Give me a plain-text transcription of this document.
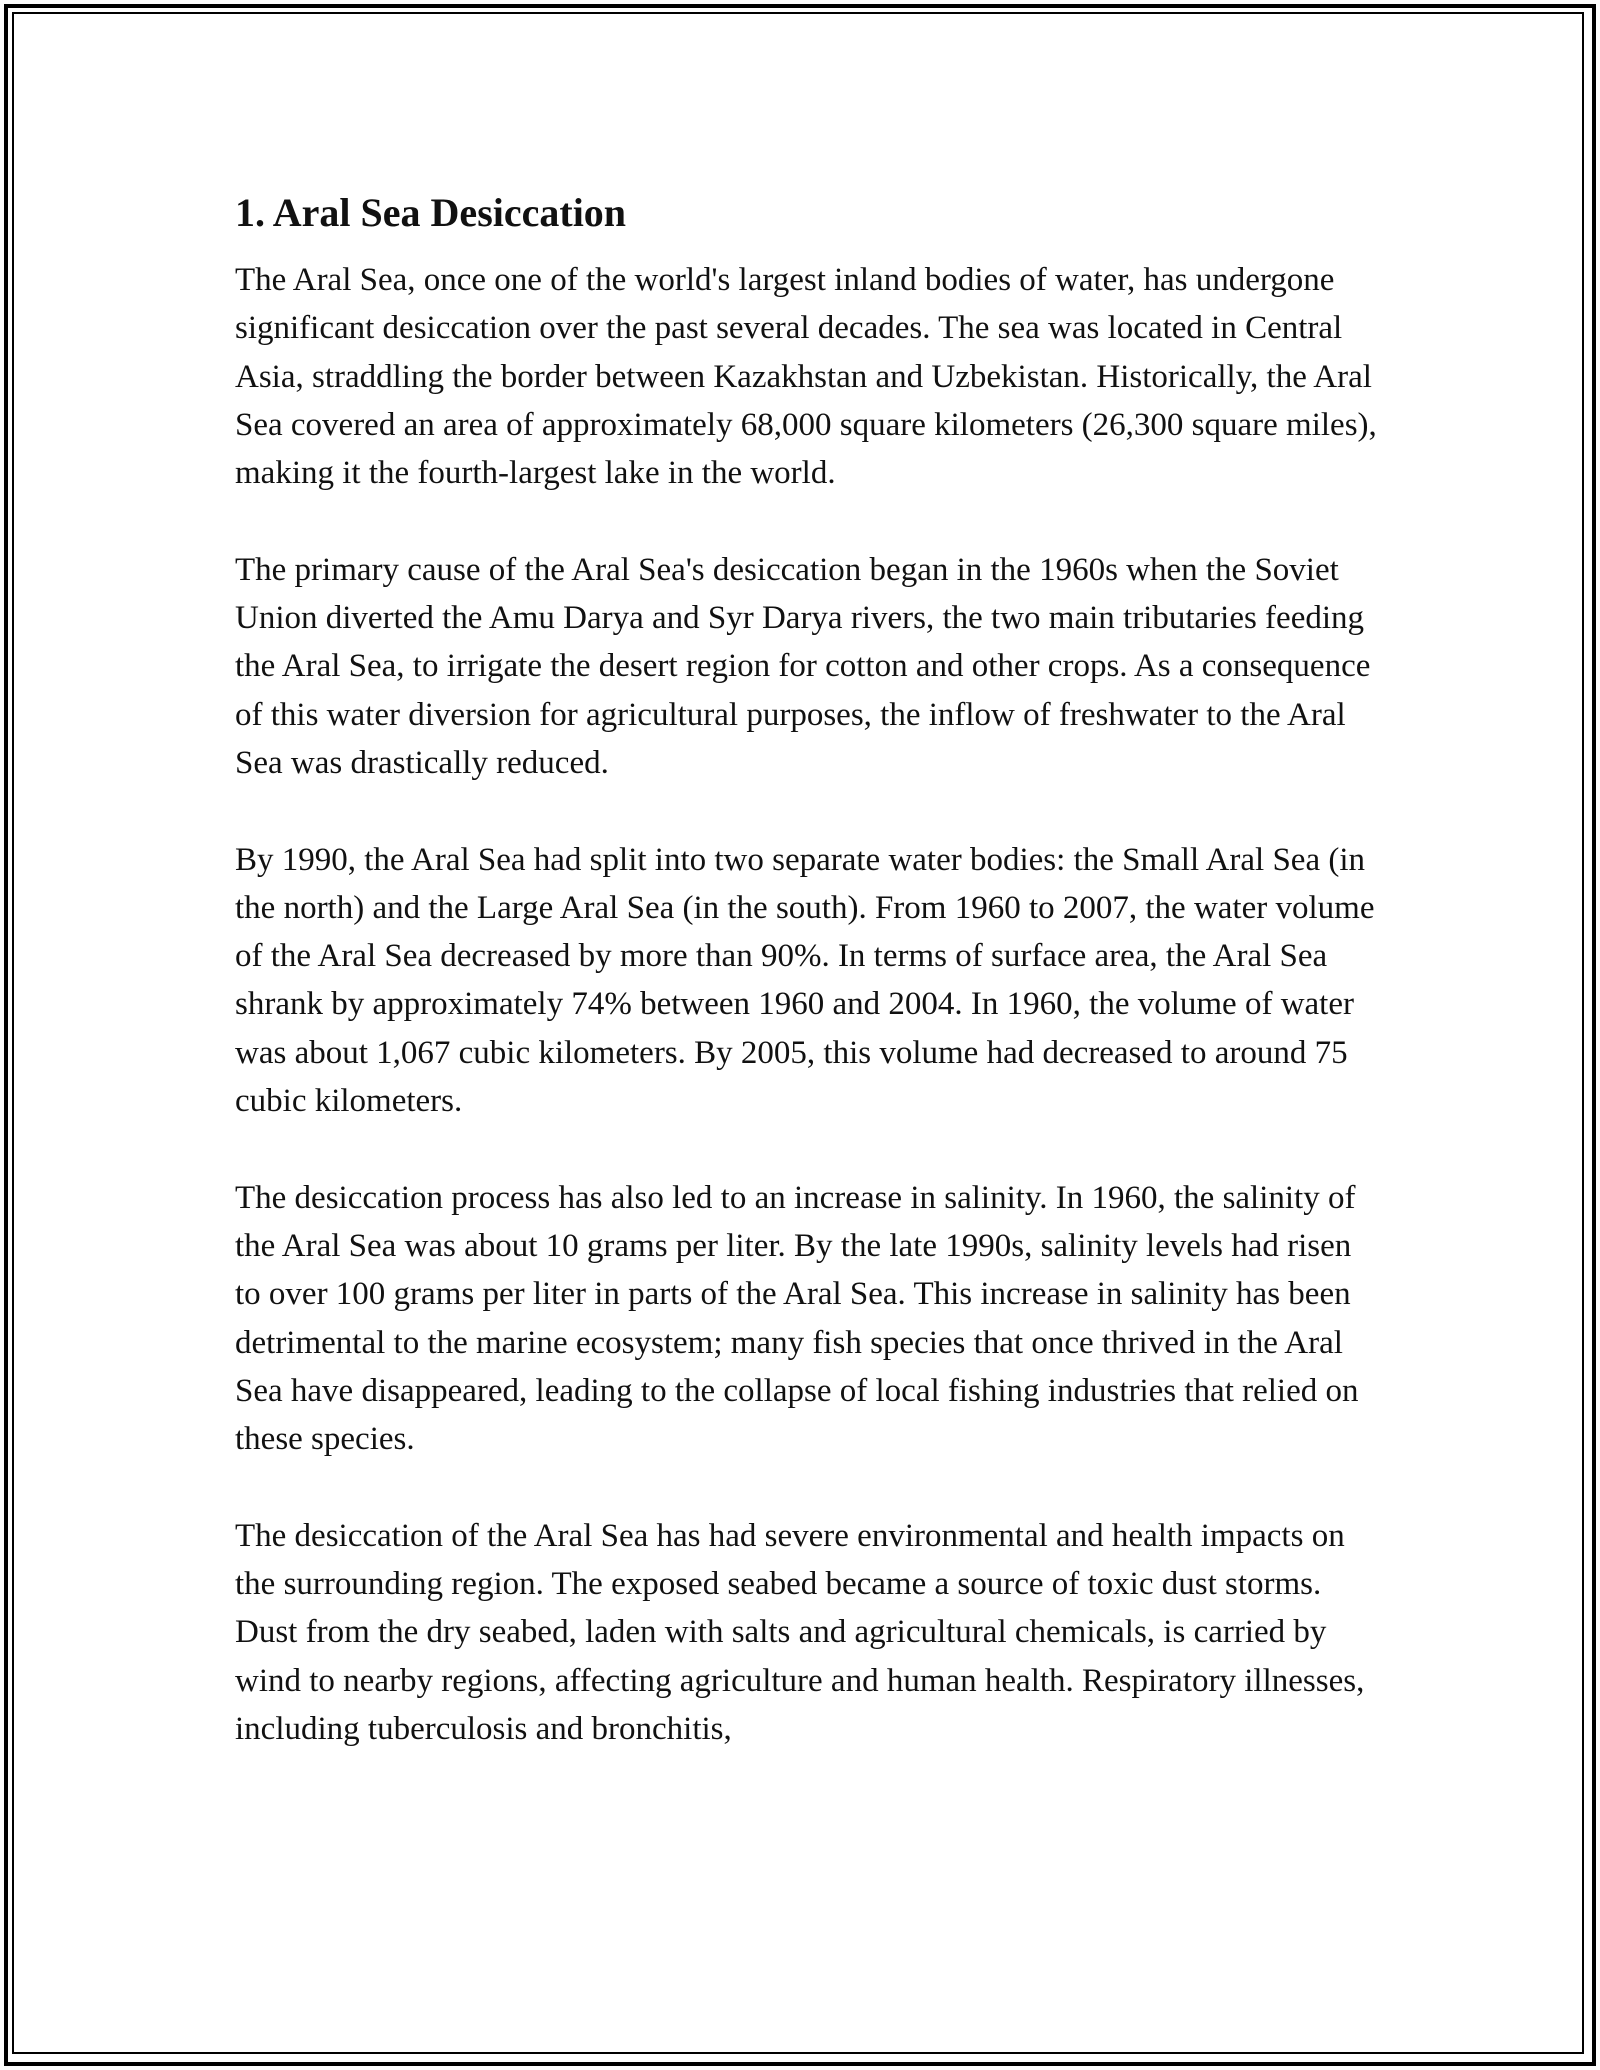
1. Aral Sea Desiccation

The Aral Sea, once one of the world's largest inland bodies of water, has undergone significant desiccation over the past several decades. The sea was located in Central Asia, straddling the border between Kazakhstan and Uzbekistan. Historically, the Aral Sea covered an area of approximately 68,000 square kilometers (26,300 square miles), making it the fourth-largest lake in the world.

The primary cause of the Aral Sea's desiccation began in the 1960s when the Soviet Union diverted the Amu Darya and Syr Darya rivers, the two main tributaries feeding the Aral Sea, to irrigate the desert region for cotton and other crops. As a consequence of this water diversion for agricultural purposes, the inflow of freshwater to the Aral Sea was drastically reduced.

By 1990, the Aral Sea had split into two separate water bodies: the Small Aral Sea (in the north) and the Large Aral Sea (in the south). From 1960 to 2007, the water volume of the Aral Sea decreased by more than 90%. In terms of surface area, the Aral Sea shrank by approximately 74% between 1960 and 2004. In 1960, the volume of water was about 1,067 cubic kilometers. By 2005, this volume had decreased to around 75 cubic kilometers.

The desiccation process has also led to an increase in salinity. In 1960, the salinity of the Aral Sea was about 10 grams per liter. By the late 1990s, salinity levels had risen to over 100 grams per liter in parts of the Aral Sea. This increase in salinity has been detrimental to the marine ecosystem; many fish species that once thrived in the Aral Sea have disappeared, leading to the collapse of local fishing industries that relied on these species.

The desiccation of the Aral Sea has had severe environmental and health impacts on the surrounding region. The exposed seabed became a source of toxic dust storms. Dust from the dry seabed, laden with salts and agricultural chemicals, is carried by wind to nearby regions, affecting agriculture and human health. Respiratory illnesses, including tuberculosis and bronchitis,
